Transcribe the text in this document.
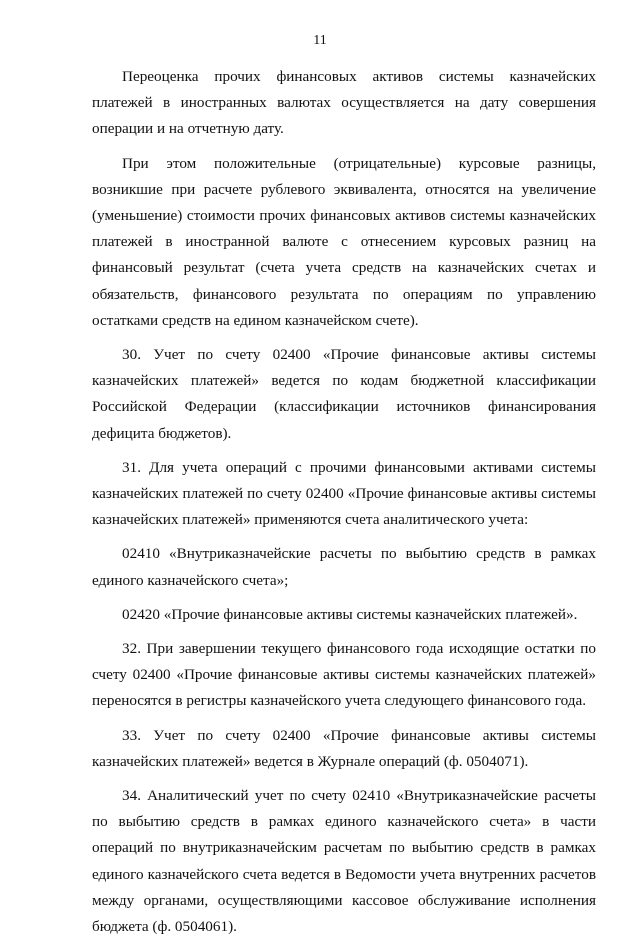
11

Переоценка прочих финансовых активов системы казначейских платежей в иностранных валютах осуществляется на дату совершения операции и на отчетную дату.

При этом положительные (отрицательные) курсовые разницы, возникшие при расчете рублевого эквивалента, относятся на увеличение (уменьшение) стоимости прочих финансовых активов системы казначейских платежей в иностранной валюте с отнесением курсовых разниц на финансовый результат (счета учета средств на казначейских счетах и обязательств, финансового результата по операциям по управлению остатками средств на едином казначейском счете).

30. Учет по счету 02400 «Прочие финансовые активы системы казначейских платежей» ведется по кодам бюджетной классификации Российской Федерации (классификации источников финансирования дефицита бюджетов).

31. Для учета операций с прочими финансовыми активами системы казначейских платежей по счету 02400 «Прочие финансовые активы системы казначейских платежей» применяются счета аналитического учета:

02410 «Внутриказначейские расчеты по выбытию средств в рамках единого казначейского счета»;

02420 «Прочие финансовые активы системы казначейских платежей».

32. При завершении текущего финансового года исходящие остатки по счету 02400 «Прочие финансовые активы системы казначейских платежей» переносятся в регистры казначейского учета следующего финансового года.

33. Учет по счету 02400 «Прочие финансовые активы системы казначейских платежей» ведется в Журнале операций (ф. 0504071).

34. Аналитический учет по счету 02410 «Внутриказначейские расчеты по выбытию средств в рамках единого казначейского счета» в части операций по внутриказначейским расчетам по выбытию средств в рамках единого казначейского счета ведется в Ведомости учета внутренних расчетов между органами, осуществляющими кассовое обслуживание исполнения бюджета (ф. 0504061).
